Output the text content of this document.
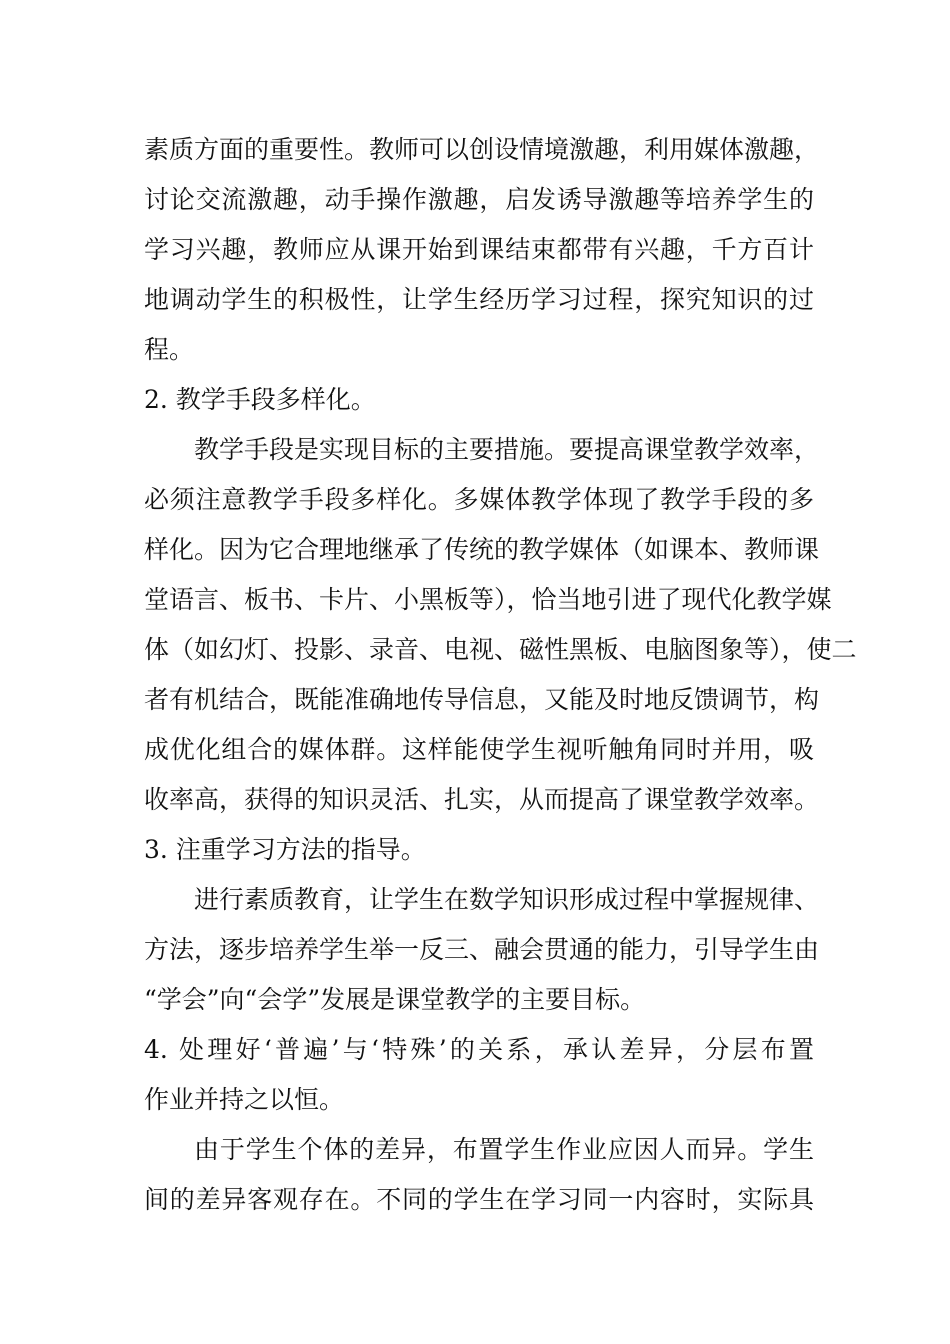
素质方面的重要性。教师可以创设情境激趣，利用媒体激趣，
讨论交流激趣，动手操作激趣，启发诱导激趣等培养学生的
学习兴趣，教师应从课开始到课结束都带有兴趣，千方百计
地调动学生的积极性，让学生经历学习过程，探究知识的过
程。
2. 教学手段多样化。
教学手段是实现目标的主要措施。要提高课堂教学效率，
必须注意教学手段多样化。多媒体教学体现了教学手段的多
样化。因为它合理地继承了传统的教学媒体（如课本、教师课
堂语言、板书、卡片、小黑板等），恰当地引进了现代化教学媒
体（如幻灯、投影、录音、电视、磁性黑板、电脑图象等），使二
者有机结合，既能准确地传导信息，又能及时地反馈调节，构
成优化组合的媒体群。这样能使学生视听触角同时并用，吸
收率高，获得的知识灵活、扎实，从而提高了课堂教学效率。
3. 注重学习方法的指导。
进行素质教育，让学生在数学知识形成过程中掌握规律、
方法，逐步培养学生举一反三、融会贯通的能力，引导学生由
“学会”向“会学”发展是课堂教学的主要目标。
4. 处理好‘普遍’与‘特殊’的关系，承认差异，分层布置
作业并持之以恒。
由于学生个体的差异，布置学生作业应因人而异。学生
间的差异客观存在。不同的学生在学习同一内容时，实际具
